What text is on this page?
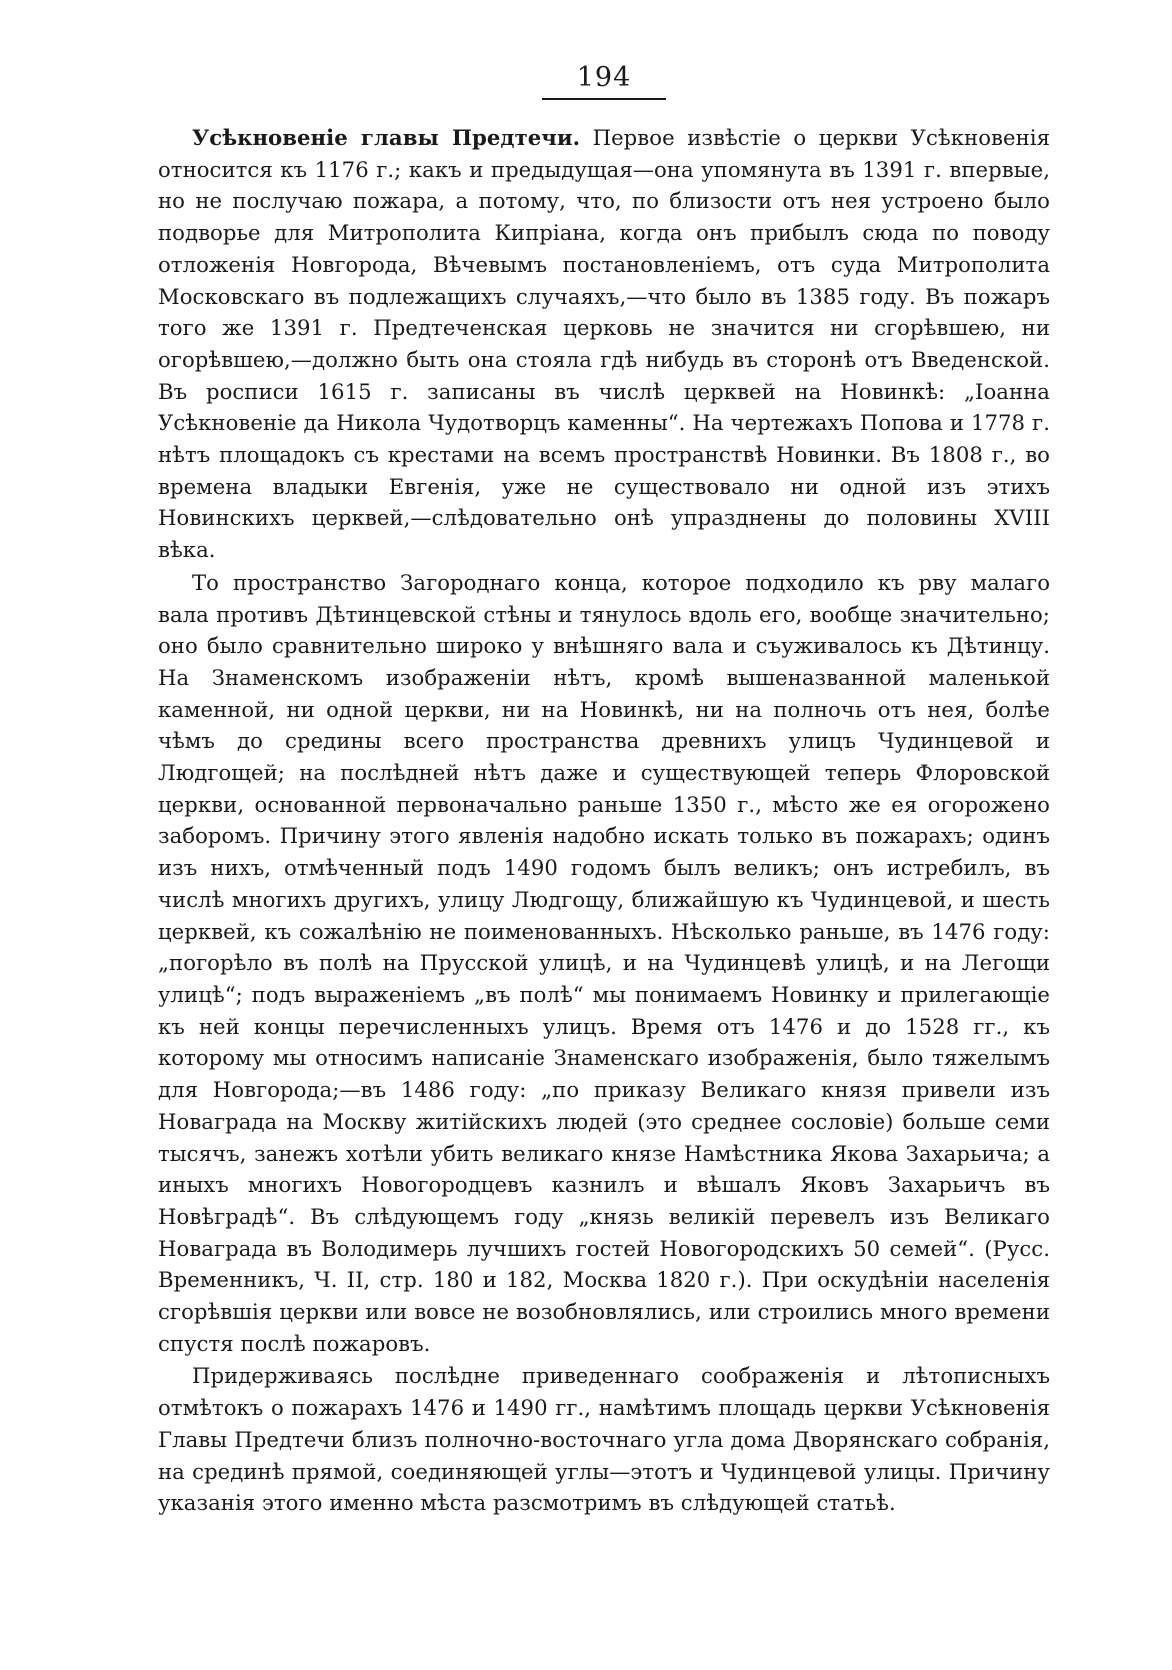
194

Усѣкновеніе главы Предтечи. Первое извѣстіе о церкви Усѣкновенія относится къ 1176 г.; какъ и предыдущая—она упомянута въ 1391 г. впервые, но не послучаю пожара, а потому, что, по близости отъ нея устроено было подворье для Митрополита Кипріана, когда онъ прибылъ сюда по поводу отложенія Новгорода, Вѣчевымъ постановленіемъ, отъ суда Митрополита Московскаго въ подлежащихъ случаяхъ,—что было въ 1385 году. Въ пожаръ того же 1391 г. Предтеченская церковь не значится ни сгорѣвшею, ни огорѣвшею,—должно быть она стояла гдѣ нибудь въ сторонѣ отъ Введенской. Въ росписи 1615 г. записаны въ числѣ церквей на Новинкѣ: „Іоанна Усѣкновеніе да Никола Чудотворцъ каменны“. На чертежахъ Попова и 1778 г. нѣтъ площадокъ съ крестами на всемъ пространствѣ Новинки. Въ 1808 г., во времена владыки Евгенія, уже не существовало ни одной изъ этихъ Новинскихъ церквей,—слѣдовательно онѣ упразднены до половины XVIII вѣка.

То пространство Загороднаго конца, которое подходило къ рву малаго вала противъ Дѣтинцевской стѣны и тянулось вдоль его, вообще значительно; оно было сравнительно широко у внѣшняго вала и съуживалось къ Дѣтинцу. На Знаменскомъ изображеніи нѣтъ, кромѣ вышеназванной маленькой каменной, ни одной церкви, ни на Новинкѣ, ни на полночь отъ нея, болѣе чѣмъ до средины всего пространства древнихъ улицъ Чудинцевой и Людгощей; на послѣдней нѣтъ даже и существующей теперь Флоровской церкви, основанной первоначально раньше 1350 г., мѣсто же ея огорожено заборомъ. Причину этого явленія надобно искать только въ пожарахъ; одинъ изъ нихъ, отмѣченный подъ 1490 годомъ былъ великъ; онъ истребилъ, въ числѣ многихъ другихъ, улицу Людгощу, ближайшую къ Чудинцевой, и шесть церквей, къ сожалѣнію не поименованныхъ. Нѣсколько раньше, въ 1476 году: „погорѣло въ полѣ на Прусской улицѣ, и на Чудинцевѣ улицѣ, и на Легощи улицѣ“; подъ выраженіемъ „въ полѣ“ мы понимаемъ Новинку и прилегающіе къ ней концы перечисленныхъ улицъ. Время отъ 1476 и до 1528 гг., къ которому мы относимъ написаніе Знаменскаго изображенія, было тяжелымъ для Новгорода;—въ 1486 году: „по приказу Великаго князя привели изъ Новаграда на Москву житійскихъ людей (это среднее сословіе) больше семи тысячъ, занежъ хотѣли убить великаго князе Намѣстника Якова Захарьича; а иныхъ многихъ Новогородцевъ казнилъ и вѣшалъ Яковъ Захарьичъ въ Новѣградѣ“. Въ слѣдующемъ году „князь великій перевелъ изъ Великаго Новаграда въ Володимерь лучшихъ гостей Новогородскихъ 50 семей“. (Русс. Временникъ, Ч. II, стр. 180 и 182, Москва 1820 г.). При оскудѣніи населенія сгорѣвшія церкви или вовсе не возобновлялись, или строились много времени спустя послѣ пожаровъ.

Придерживаясь послѣдне приведеннаго соображенія и лѣтописныхъ отмѣтокъ о пожарахъ 1476 и 1490 гг., намѣтимъ площадь церкви Усѣкновенія Главы Предтечи близъ полночно-восточнаго угла дома Дворянскаго собранія, на срединѣ прямой, соединяющей углы—этотъ и Чудинцевой улицы. Причину указанія этого именно мѣста разсмотримъ въ слѣдующей статьѣ.
